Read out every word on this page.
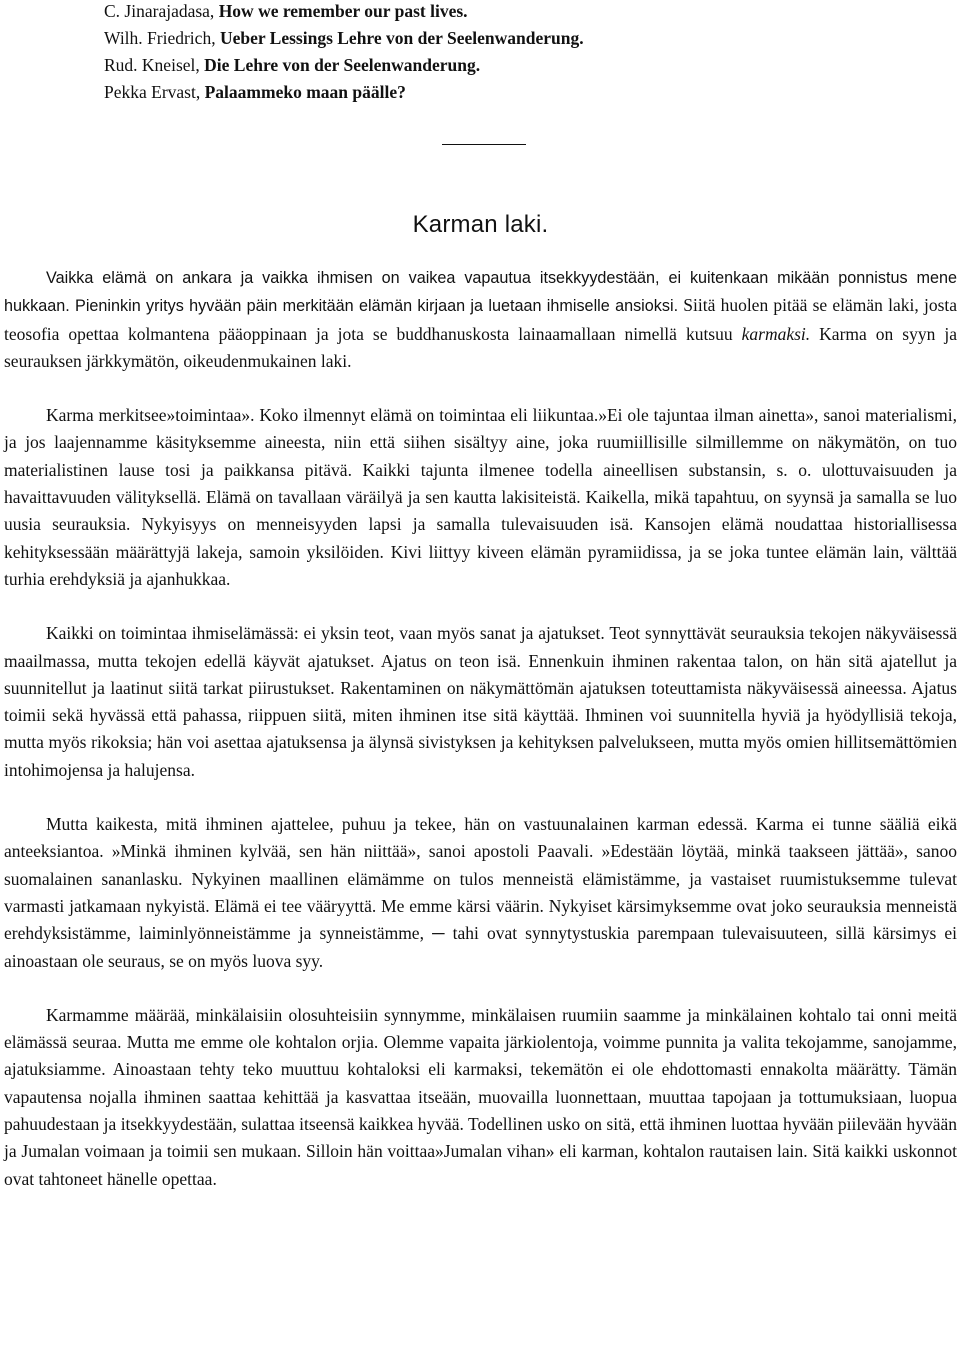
C. Jinarajadasa, How we remember our past lives.
Wilh. Friedrich, Ueber Lessings Lehre von der Seelenwanderung.
Rud. Kneisel, Die Lehre von der Seelenwanderung.
Pekka Ervast, Palaammeko maan päälle?
Karman laki.

Vaikka elämä on ankara ja vaikka ihmisen on vaikea vapautua itsekkyydestään, ei kuitenkaan mikään ponnistus mene hukkaan. Pieninkin yritys hyvään päin merkitään elämän kirjaan ja luetaan ihmiselle ansioksi. Siitä huolen pitää se elämän laki, josta teosofia opettaa kolmantena pääoppinaan ja jota se buddhanuskosta lainaamallaan nimellä kutsuu karmaksi. Karma on syyn ja seurauksen järkkymätön, oikeudenmukainen laki.

Karma merkitsee»toimintaa». Koko ilmennyt elämä on toimintaa eli liikuntaa.»Ei ole tajuntaa ilman ainetta», sanoi materialismi, ja jos laajennamme käsityksemme aineesta, niin että siihen sisältyy aine, joka ruumiillisille silmillemme on näkymätön, on tuo materialistinen lause tosi ja paikkansa pitävä. Kaikki tajunta ilmenee todella aineellisen substansin, s. o. ulottuvaisuuden ja havaittavuuden välityksellä. Elämä on tavallaan väräilyä ja sen kautta lakisiteistä. Kaikella, mikä tapahtuu, on syynsä ja samalla se luo uusia seurauksia. Nykyisyys on menneisyyden lapsi ja samalla tulevaisuuden isä. Kansojen elämä noudattaa historiallisessa kehityksessään määrättyjä lakeja, samoin yksilöiden. Kivi liittyy kiveen elämän pyramiidissa, ja se joka tuntee elämän lain, välttää turhia erehdyksiä ja ajanhukkaa.

Kaikki on toimintaa ihmiselämässä: ei yksin teot, vaan myös sanat ja ajatukset. Teot synnyttävät seurauksia tekojen näkyväisessä maailmassa, mutta tekojen edellä käyvät ajatukset. Ajatus on teon isä. Ennenkuin ihminen rakentaa talon, on hän sitä ajatellut ja suunnitellut ja laatinut siitä tarkat piirustukset. Rakentaminen on näkymättömän ajatuksen toteuttamista näkyväisessä aineessa. Ajatus toimii sekä hyvässä että pahassa, riippuen siitä, miten ihminen itse sitä käyttää. Ihminen voi suunnitella hyviä ja hyödyllisiä tekoja, mutta myös rikoksia; hän voi asettaa ajatuksensa ja älynsä sivistyksen ja kehityksen palvelukseen, mutta myös omien hillitsemättömien intohimojensa ja halujensa.

Mutta kaikesta, mitä ihminen ajattelee, puhuu ja tekee, hän on vastuunalainen karman edessä. Karma ei tunne sääliä eikä anteeksiantoa. »Minkä ihminen kylvää, sen hän niittää», sanoi apostoli Paavali. »Edestään löytää, minkä taakseen jättää», sanoo suomalainen sananlasku. Nykyinen maallinen elämämme on tulos menneistä elämistämme, ja vastaiset ruumistuksemme tulevat varmasti jatkamaan nykyistä. Elämä ei tee vääryyttä. Me emme kärsi väärin. Nykyiset kärsimyksemme ovat joko seurauksia menneistä erehdyksistämme, laiminlyönneistämme ja synneistämme, ─ tahi ovat synnytystuskia parempaan tulevaisuuteen, sillä kärsimys ei ainoastaan ole seuraus, se on myös luova syy.

Karmamme määrää, minkälaisiin olosuhteisiin synnymme, minkälaisen ruumiin saamme ja minkälainen kohtalo tai onni meitä elämässä seuraa. Mutta me emme ole kohtalon orjia. Olemme vapaita järkiolentoja, voimme punnita ja valita tekojamme, sanojamme, ajatuksiamme. Ainoastaan tehty teko muuttuu kohtaloksi eli karmaksi, tekemätön ei ole ehdottomasti ennakolta määrätty. Tämän vapautensa nojalla ihminen saattaa kehittää ja kasvattaa itseään, muovailla luonnettaan, muuttaa tapojaan ja tottumuksiaan, luopua pahuudestaan ja itsekkyydestään, sulattaa itseensä kaikkea hyvää. Todellinen usko on sitä, että ihminen luottaa hyvään piilevään hyvään ja Jumalan voimaan ja toimii sen mukaan. Silloin hän voittaa»Jumalan vihan» eli karman, kohtalon rautaisen lain. Sitä kaikki uskonnot ovat tahtoneet hänelle opettaa.
